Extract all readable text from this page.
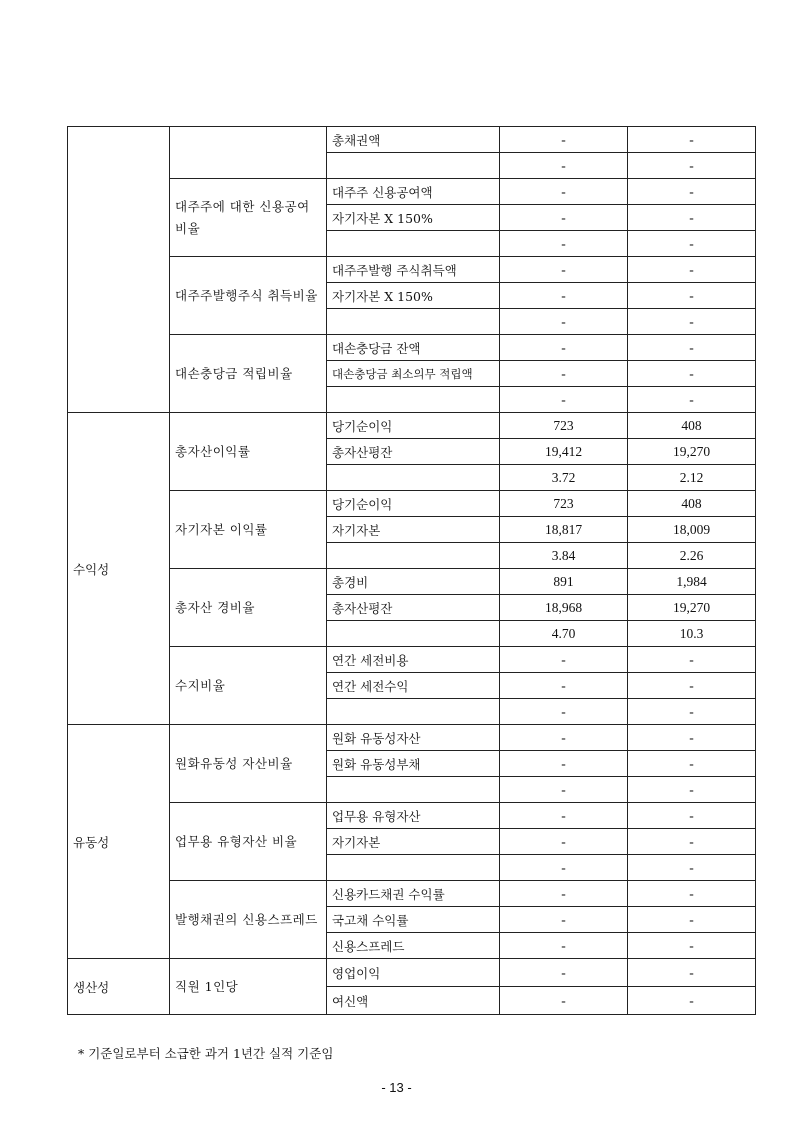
		총채권액	-	-
			-	-
	대주주에 대한 신용공여비율	대주주 신용공여액	-	-
		자기자본 X 150%	-	-
			-	-
	대주주발행주식 취득비율	대주주발행 주식취득액	-	-
		자기자본 X 150%	-	-
			-	-
	대손충당금 적립비율	대손충당금 잔액	-	-
		대손충당금 최소의무 적립액	-	-
			-	-
수익성	총자산이익률	당기순이익	723	408
		총자산평잔	19,412	19,270
			3.72	2.12
	자기자본 이익률	당기순이익	723	408
		자기자본	18,817	18,009
			3.84	2.26
	총자산 경비율	총경비	891	1,984
		총자산평잔	18,968	19,270
			4.70	10.3
	수지비율	연간 세전비용	-	-
		연간 세전수익	-	-
			-	-
유동성	원화유동성 자산비율	원화 유동성자산	-	-
		원화 유동성부채	-	-
			-	-
	업무용 유형자산 비율	업무용 유형자산	-	-
		자기자본	-	-
			-	-
	발행채권의 신용스프레드	신용카드채권 수익률	-	-
		국고채 수익률	-	-
		신용스프레드	-	-
생산성	직원 1인당	영업이익	-	-
		여신액	-	-
* 기준일로부터 소급한 과거 1년간 실적 기준임
- 13 -
